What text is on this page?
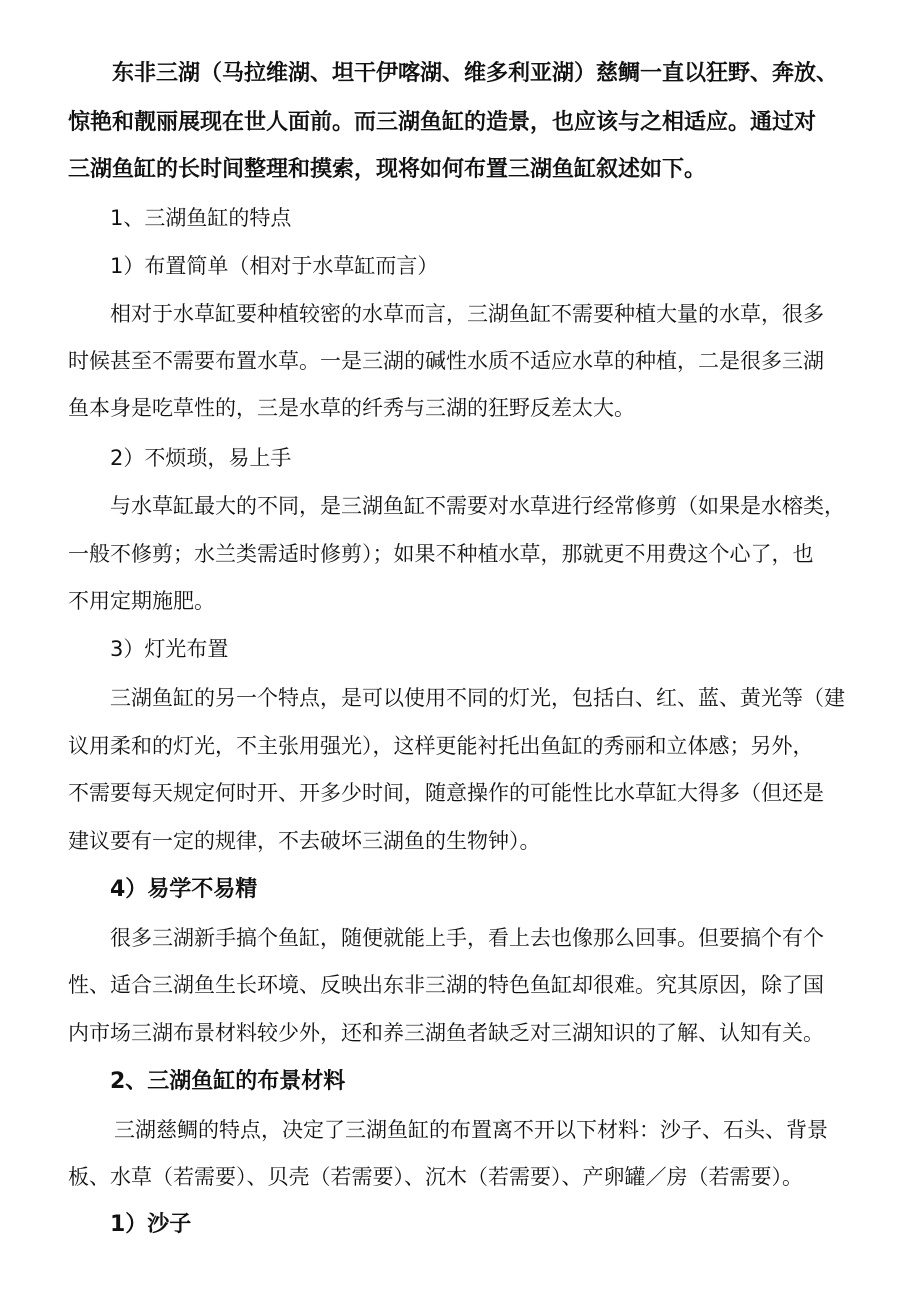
　东非三湖（马拉维湖、坦干伊喀湖、维多利亚湖）慈鲷一直以狂野、奔放、
惊艳和靓丽展现在世人面前。而三湖鱼缸的造景，也应该与之相适应。通过对
三湖鱼缸的长时间整理和摸索，现将如何布置三湖鱼缸叙述如下。
1、三湖鱼缸的特点
1）布置简单（相对于水草缸而言）
相对于水草缸要种植较密的水草而言，三湖鱼缸不需要种植大量的水草，很多
时候甚至不需要布置水草。一是三湖的碱性水质不适应水草的种植，二是很多三湖
鱼本身是吃草性的，三是水草的纤秀与三湖的狂野反差太大。
2）不烦琐，易上手
与水草缸最大的不同，是三湖鱼缸不需要对水草进行经常修剪（如果是水榕类，
一般不修剪；水兰类需适时修剪）；如果不种植水草，那就更不用费这个心了，也
不用定期施肥。
3）灯光布置
三湖鱼缸的另一个特点，是可以使用不同的灯光，包括白、红、蓝、黄光等（建
议用柔和的灯光，不主张用强光），这样更能衬托出鱼缸的秀丽和立体感；另外，
不需要每天规定何时开、开多少时间，随意操作的可能性比水草缸大得多（但还是
建议要有一定的规律，不去破坏三湖鱼的生物钟）。
4）易学不易精
很多三湖新手搞个鱼缸，随便就能上手，看上去也像那么回事。但要搞个有个
性、适合三湖鱼生长环境、反映出东非三湖的特色鱼缸却很难。究其原因，除了国
内市场三湖布景材料较少外，还和养三湖鱼者缺乏对三湖知识的了解、认知有关。
2、三湖鱼缸的布景材料
三湖慈鲷的特点，决定了三湖鱼缸的布置离不开以下材料：沙子、石头、背景
板、水草（若需要）、贝壳（若需要）、沉木（若需要）、产卵罐／房（若需要）。
1）沙子
